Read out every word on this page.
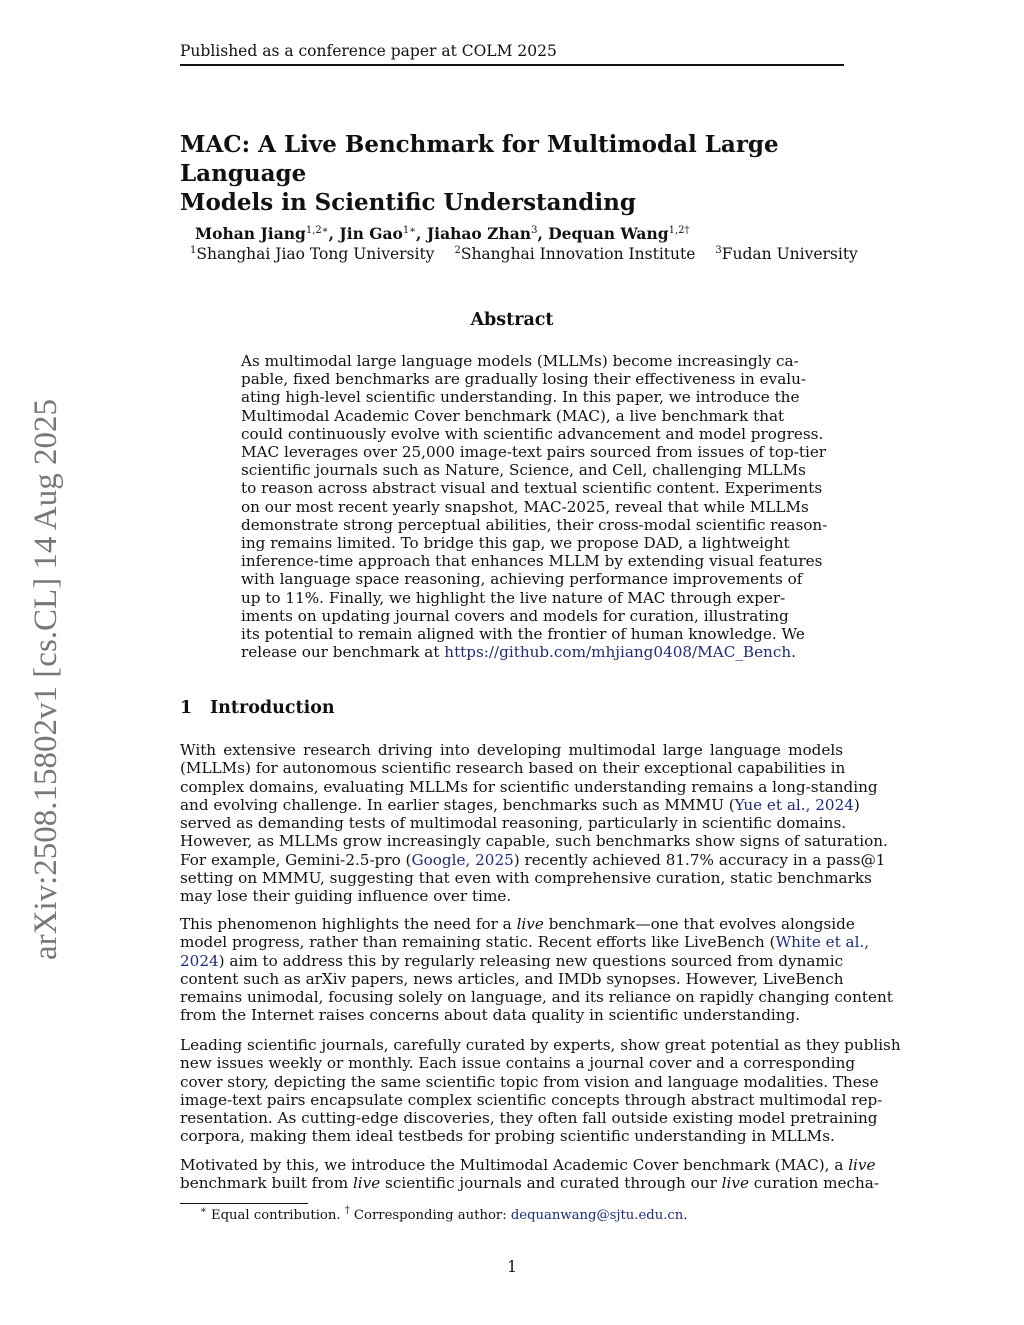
Published as a conference paper at COLM 2025
MAC: A Live Benchmark for Multimodal Large Language
Models in Scientific Understanding
Mohan Jiang$^{1,2∗}$, Jin Gao$^{1∗}$, Jiahao Zhan$^3$, Dequan Wang$^{1,2\dagger}$
$^1$Shanghai Jiao Tong University $^2$Shanghai Innovation Institute $^3$Fudan University
arXiv:2508.15802v1 [cs.CL] 14 Aug 2025
Abstract
As multimodal large language models (MLLMs) become increasingly ca-
pable, fixed benchmarks are gradually losing their effectiveness in evalu-
ating high-level scientific understanding. In this paper, we introduce the
Multimodal Academic Cover benchmark (MAC), a live benchmark that
could continuously evolve with scientific advancement and model progress.
MAC leverages over 25,000 image-text pairs sourced from issues of top-tier
scientific journals such as Nature, Science, and Cell, challenging MLLMs
to reason across abstract visual and textual scientific content. Experiments
on our most recent yearly snapshot, MAC-2025, reveal that while MLLMs
demonstrate strong perceptual abilities, their cross-modal scientific reason-
ing remains limited. To bridge this gap, we propose DAD, a lightweight
inference-time approach that enhances MLLM by extending visual features
with language space reasoning, achieving performance improvements of
up to 11%. Finally, we highlight the live nature of MAC through exper-
iments on updating journal covers and models for curation, illustrating
its potential to remain aligned with the frontier of human knowledge. We
release our benchmark at https://github.com/mhjiang0408/MAC_Bench.
1 Introduction
With extensive research driving into developing multimodal large language models
(MLLMs) for autonomous scientific research based on their exceptional capabilities in
complex domains, evaluating MLLMs for scientific understanding remains a long-standing
and evolving challenge. In earlier stages, benchmarks such as MMMU (Yue et al., 2024)
served as demanding tests of multimodal reasoning, particularly in scientific domains.
However, as MLLMs grow increasingly capable, such benchmarks show signs of saturation.
For example, Gemini-2.5-pro (Google, 2025) recently achieved 81.7% accuracy in a pass@1
setting on MMMU, suggesting that even with comprehensive curation, static benchmarks
may lose their guiding influence over time.
This phenomenon highlights the need for a live benchmark—one that evolves alongside
model progress, rather than remaining static. Recent efforts like LiveBench (White et al.,
2024) aim to address this by regularly releasing new questions sourced from dynamic
content such as arXiv papers, news articles, and IMDb synopses. However, LiveBench
remains unimodal, focusing solely on language, and its reliance on rapidly changing content
from the Internet raises concerns about data quality in scientific understanding.
Leading scientific journals, carefully curated by experts, show great potential as they publish
new issues weekly or monthly. Each issue contains a journal cover and a corresponding
cover story, depicting the same scientific topic from vision and language modalities. These
image-text pairs encapsulate complex scientific concepts through abstract multimodal rep-
resentation. As cutting-edge discoveries, they often fall outside existing model pretraining
corpora, making them ideal testbeds for probing scientific understanding in MLLMs.
Motivated by this, we introduce the Multimodal Academic Cover benchmark (MAC), a live
benchmark built from live scientific journals and curated through our live curation mecha-
∗ Equal contribution. † Corresponding author: dequanwang@sjtu.edu.cn.
1
